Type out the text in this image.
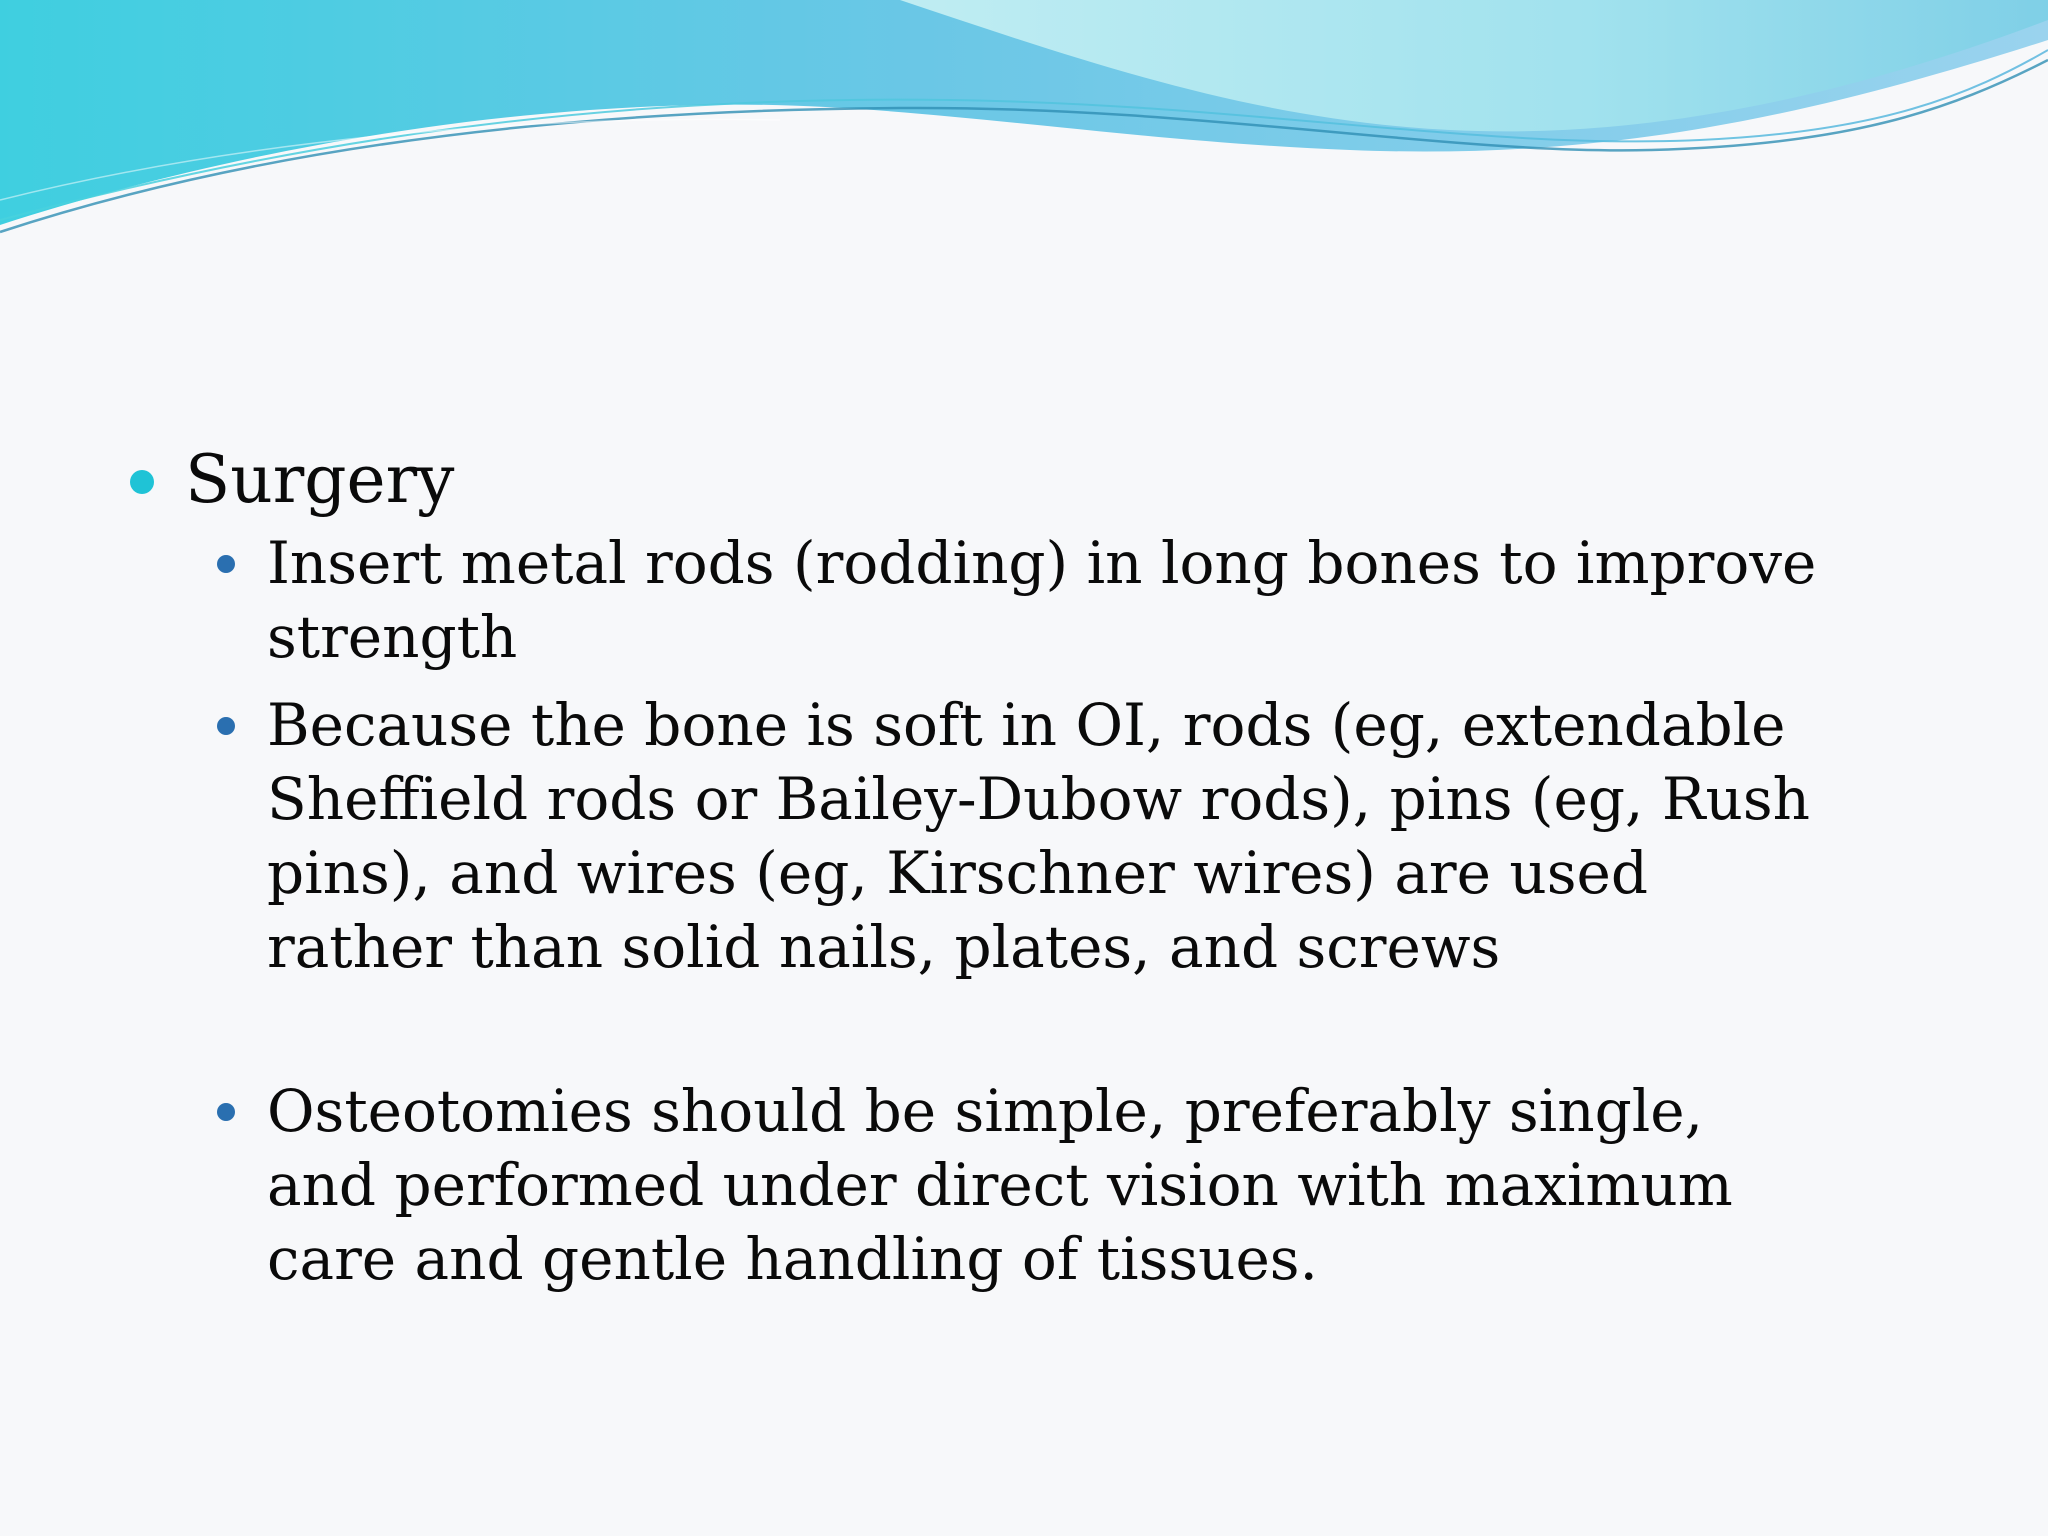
Surgery
Insert metal rods (rodding) in long bones to improve strength
Because the bone is soft in OI, rods (eg, extendable Sheffield rods or Bailey-Dubow rods), pins (eg, Rush pins), and wires (eg, Kirschner wires) are used rather than solid nails, plates, and screws
Osteotomies should be simple, preferably single, and performed under direct vision with maximum care and gentle handling of tissues.
